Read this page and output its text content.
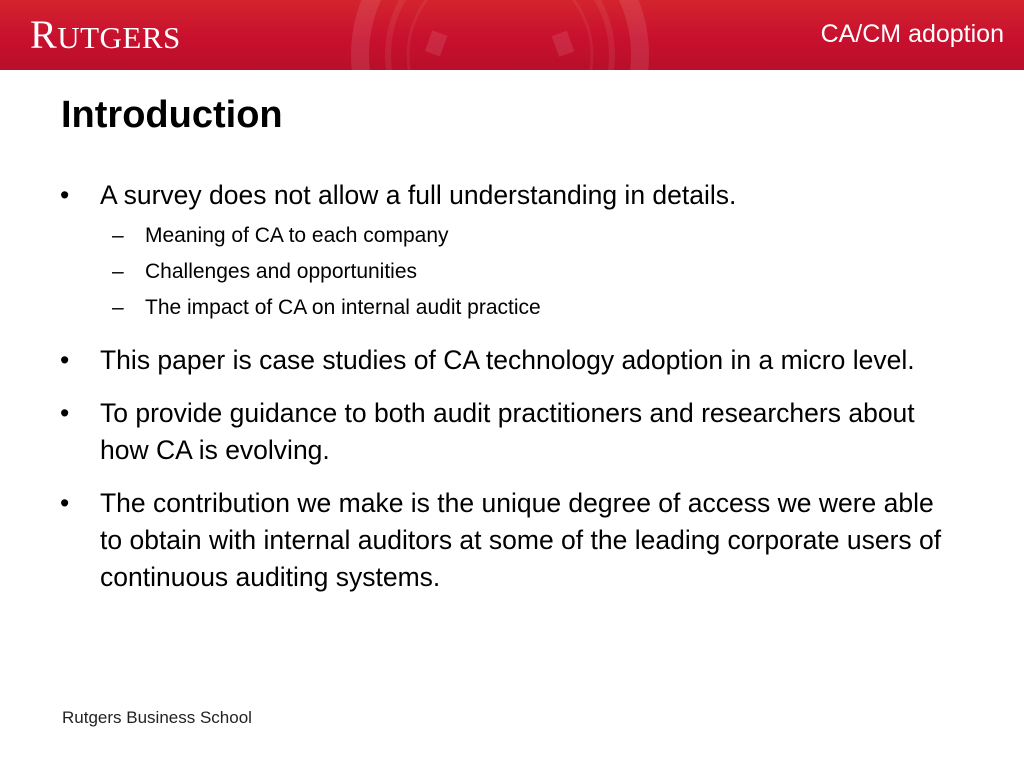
RUTGERS	CA/CM adoption
Introduction
•	A survey does not allow a full understanding in details.
– Meaning of CA to each company
– Challenges and opportunities
– The impact of CA on internal audit practice
•	This paper is case studies of CA technology adoption in a micro level.
•	To provide guidance to both audit practitioners and researchers about how CA is evolving.
•	The contribution we make is the unique degree of access we were able to obtain with internal auditors at some of the leading corporate users of continuous auditing systems.
Rutgers Business School
